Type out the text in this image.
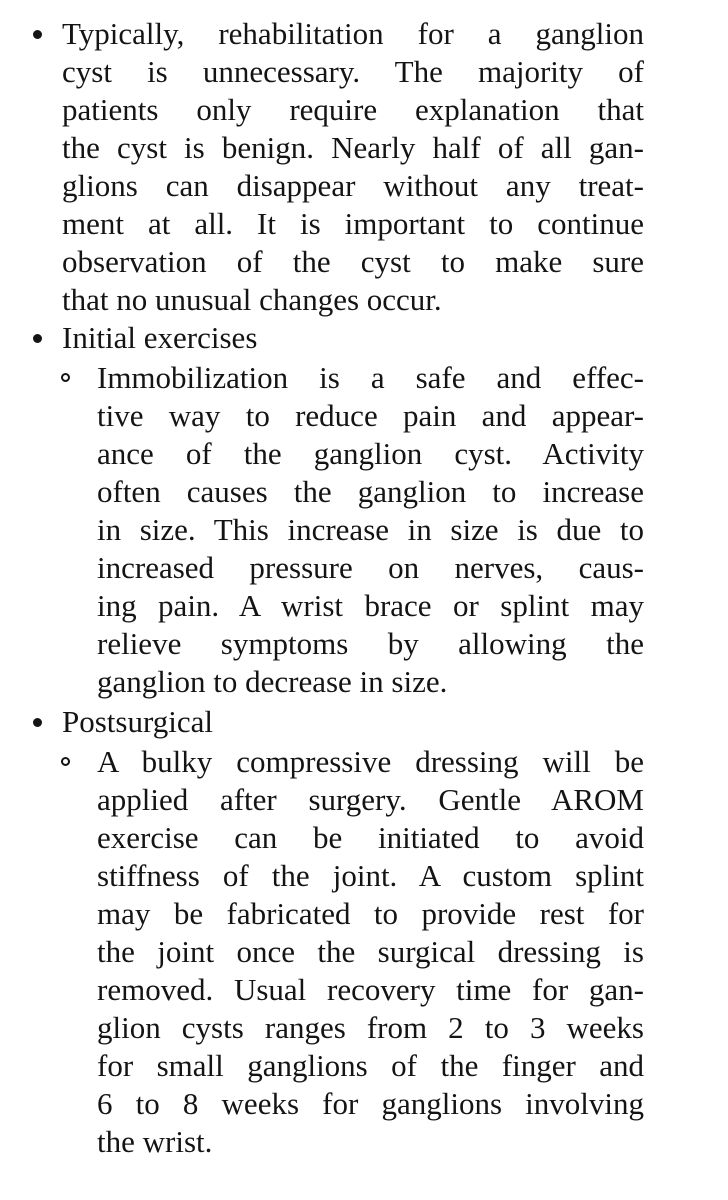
Typically, rehabilitation for a ganglion
cyst is unnecessary. The majority of
patients only require explanation that
the cyst is benign. Nearly half of all gan-
glions can disappear without any treat-
ment at all. It is important to continue
observation of the cyst to make sure
that no unusual changes occur.
Initial exercises
Immobilization is a safe and effec-
tive way to reduce pain and appear-
ance of the ganglion cyst. Activity
often causes the ganglion to increase
in size. This increase in size is due to
increased pressure on nerves, caus-
ing pain. A wrist brace or splint may
relieve symptoms by allowing the
ganglion to decrease in size.
Postsurgical
A bulky compressive dressing will be
applied after surgery. Gentle AROM
exercise can be initiated to avoid
stiffness of the joint. A custom splint
may be fabricated to provide rest for
the joint once the surgical dressing is
removed. Usual recovery time for gan-
glion cysts ranges from 2 to 3 weeks
for small ganglions of the finger and
6 to 8 weeks for ganglions involving
the wrist.
